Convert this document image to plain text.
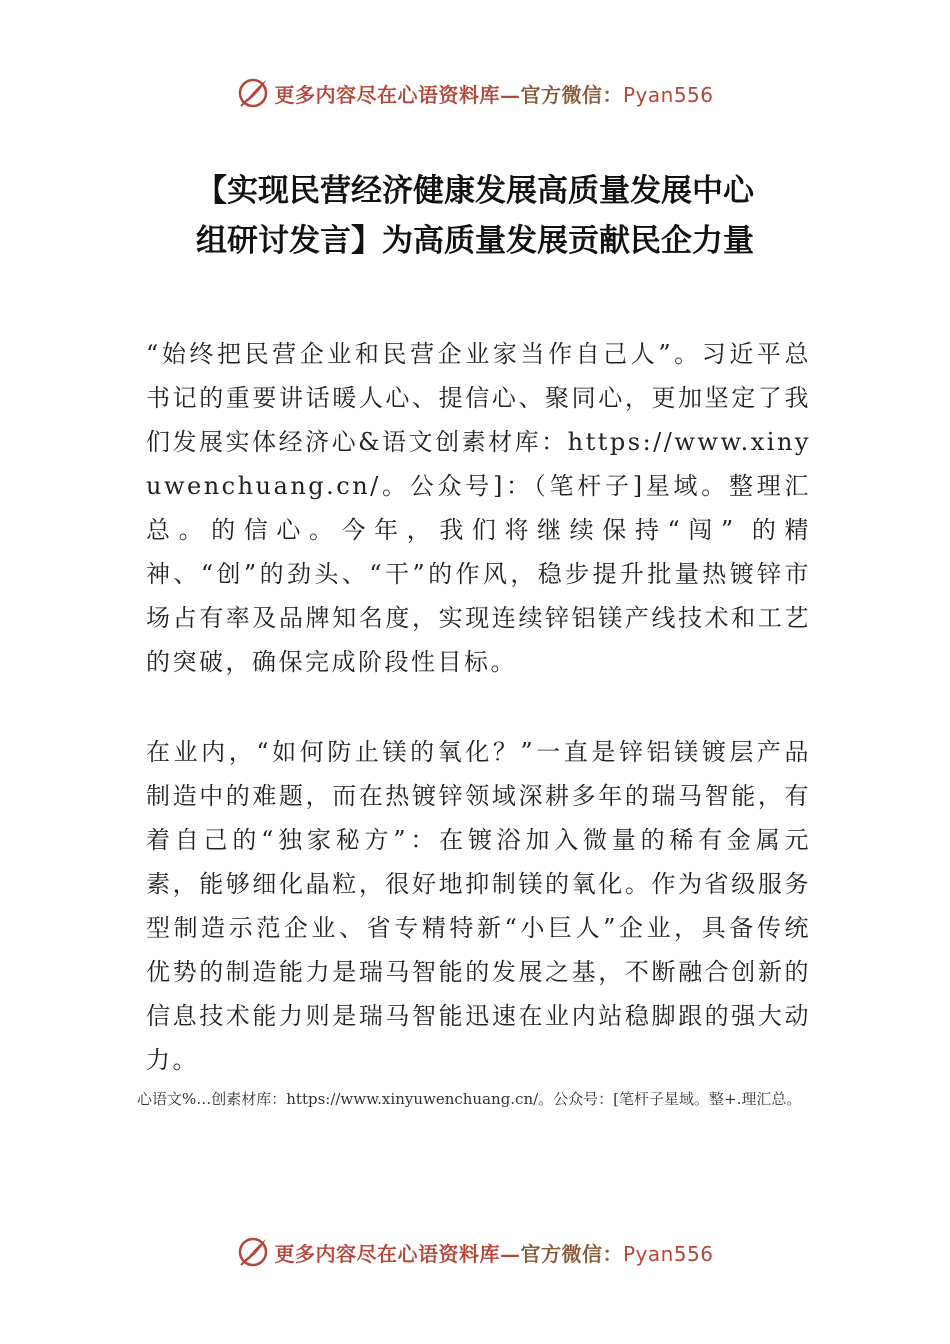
更多内容尽在心语资料库—官方微信：Pyan556
【实现民营经济健康发展高质量发展中心
组研讨发言】为高质量发展贡献民企力量

“始终把民营企业和民营企业家当作自己人”。习近平总书记的重要讲话暖人心、提信心、聚同心，更加坚定了我们发展实体经济心&语文创素材库：https://www.xinyuwenchuang.cn/。公众号]：（笔杆子]星域。整理汇总。的信心。今年，我们将继续保持“闯” 的精神、“创”的劲头、“干”的作风，稳步提升批量热镀锌市场占有率及品牌知名度，实现连续锌铝镁产线技术和工艺的突破，确保完成阶段性目标。

在业内，“如何防止镁的氧化？”一直是锌铝镁镀层产品制造中的难题，而在热镀锌领域深耕多年的瑞马智能，有着自己的“独家秘方”：在镀浴加入微量的稀有金属元素，能够细化晶粒，很好地抑制镁的氧化。作为省级服务型制造示范企业、省专精特新“小巨人”企业，具备传统优势的制造能力是瑞马智能的发展之基，不断融合创新的信息技术能力则是瑞马智能迅速在业内站稳脚跟的强大动力。

心语文%…创素材库：https://www.xinyuwenchuang.cn/。公众号：[笔杆子星域。整+.理汇总。

更多内容尽在心语资料库—官方微信：Pyan556
